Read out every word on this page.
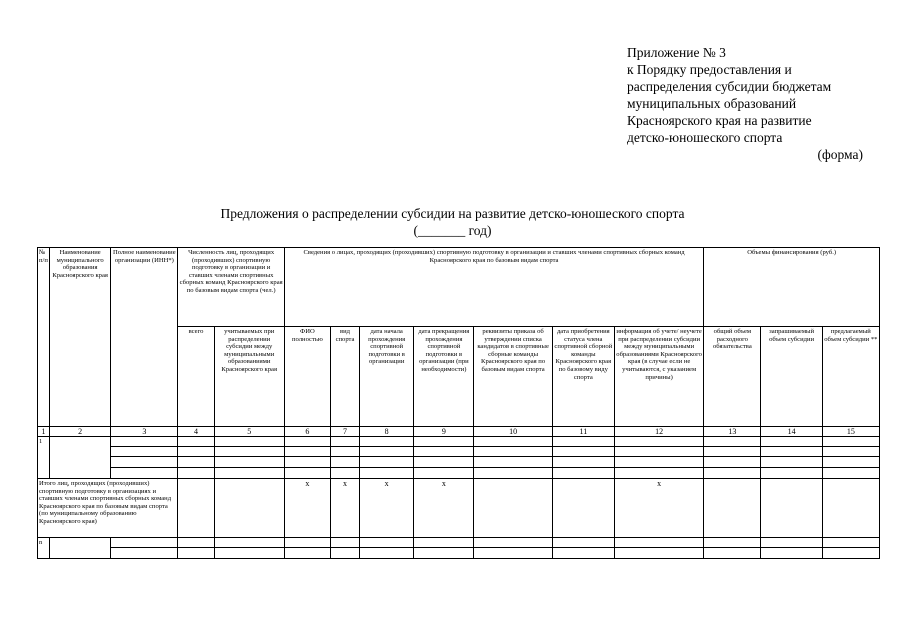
Приложение № 3
к Порядку предоставления и
распределения субсидии бюджетам
муниципальных образований
Красноярского края на развитие
детско-юношеского спорта
(форма)
Предложения о распределении субсидии на развитие детско-юношеского спорта
(_______ год)
№ п/п	Наименование муниципального образования Красноярского края	Полное наименование организации (ИНН*)	Численность лиц, проходящих (проходивших) спортивную подготовку в организации и ставших членами спортивных сборных команд Красноярского края по базовым видам спорта (чел.)		Сведения о лицах, проходящих (проходивших) спортивную подготовку в организации и ставших членами спортивных сборных команд Красноярского края по базовым видам спорта							Объемы финансирования (руб.)		
			всего	учитываемых при распределении субсидии между муниципальными образованиями Красноярского края	ФИО полностью	вид спорта	дата начала прохождения спортивной подготовки в организации	дата прекращения прохождения спортивной подготовки в организации (при необходимости)	реквизиты приказа об утверждении списка кандидатов в спортивные сборные команды Красноярского края по базовым видам спорта	дата приобретения статуса члена спортивной сборной команды Красноярского края по базовому виду спорта	информация об учете/ неучете при распределении субсидии между муниципальными образованиями Красноярского края (в случае если не учитываются, с указанием причины)	общий объем расходного обязательства	запрашиваемый объем субсидии	предлагаемый объем субсидии **
1	2	3	4	5	6	7	8	9	10	11	12	13	14	15
1														

Итого лиц, проходящих (проходивших) спортивную подготовку в организациях и ставших членами спортивных сборных команд Красноярского края по базовым видам спорта (по муниципальному образованию Красноярского края)					х	х	х	х			х			
n														
